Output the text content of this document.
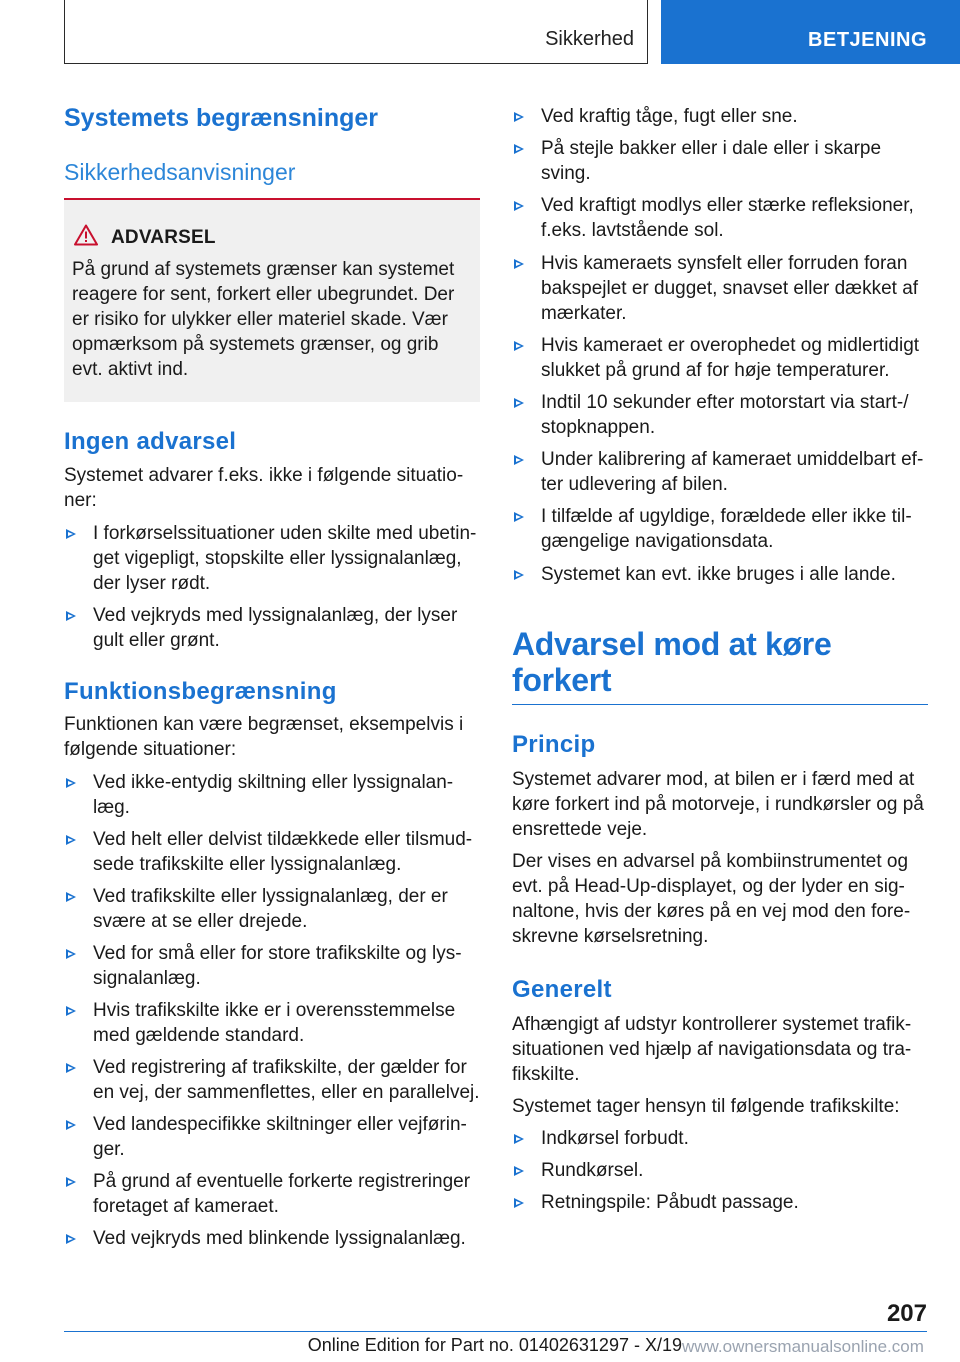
Sikkerhed	BETJENING
Systemets begrænsninger
Sikkerhedsanvisninger
ADVARSEL
På grund af systemets grænser kan systemet
reagere for sent, forkert eller ubegrundet. Der
er risiko for ulykker eller materiel skade. Vær
opmærksom på systemets grænser, og grib
evt. aktivt ind.
Ingen advarsel
Systemet advarer f.eks. ikke i følgende situatio-
ner:
I forkørselssituationer uden skilte med ubetin-
get vigepligt, stopskilte eller lyssignalanlæg,
der lyser rødt.
Ved vejkryds med lyssignalanlæg, der lyser
gult eller grønt.
Funktionsbegrænsning
Funktionen kan være begrænset, eksempelvis i
følgende situationer:
Ved ikke-entydig skiltning eller lyssignalan-
læg.
Ved helt eller delvist tildækkede eller tilsmud-
sede trafikskilte eller lyssignalanlæg.
Ved trafikskilte eller lyssignalanlæg, der er
svære at se eller drejede.
Ved for små eller for store trafikskilte og lys-
signalanlæg.
Hvis trafikskilte ikke er i overensstemmelse
med gældende standard.
Ved registrering af trafikskilte, der gælder for
en vej, der sammenflettes, eller en parallelvej.
Ved landespecifikke skiltninger eller vejførin-
ger.
På grund af eventuelle forkerte registreringer
foretaget af kameraet.
Ved vejkryds med blinkende lyssignalanlæg.
Ved kraftig tåge, fugt eller sne.
På stejle bakker eller i dale eller i skarpe
sving.
Ved kraftigt modlys eller stærke refleksioner,
f.eks. lavtstående sol.
Hvis kameraets synsfelt eller forruden foran
bakspejlet er dugget, snavset eller dækket af
mærkater.
Hvis kameraet er overophedet og midlertidigt
slukket på grund af for høje temperaturer.
Indtil 10 sekunder efter motorstart via start-/
stopknappen.
Under kalibrering af kameraet umiddelbart ef-
ter udlevering af bilen.
I tilfælde af ugyldige, forældede eller ikke til-
gængelige navigationsdata.
Systemet kan evt. ikke bruges i alle lande.
Advarsel mod at køre
forkert
Princip
Systemet advarer mod, at bilen er i færd med at
køre forkert ind på motorveje, i rundkørsler og på
ensrettede veje.
Der vises en advarsel på kombiinstrumentet og
evt. på Head-Up-displayet, og der lyder en sig-
naltone, hvis der køres på en vej mod den fore-
skrevne kørselsretning.
Generelt
Afhængigt af udstyr kontrollerer systemet trafik-
situationen ved hjælp af navigationsdata og tra-
fikskilte.
Systemet tager hensyn til følgende trafikskilte:
Indkørsel forbudt.
Rundkørsel.
Retningspile: Påbudt passage.
207
Online Edition for Part no. 01402631297 - X/19 www.ownersmanualsonline.com
